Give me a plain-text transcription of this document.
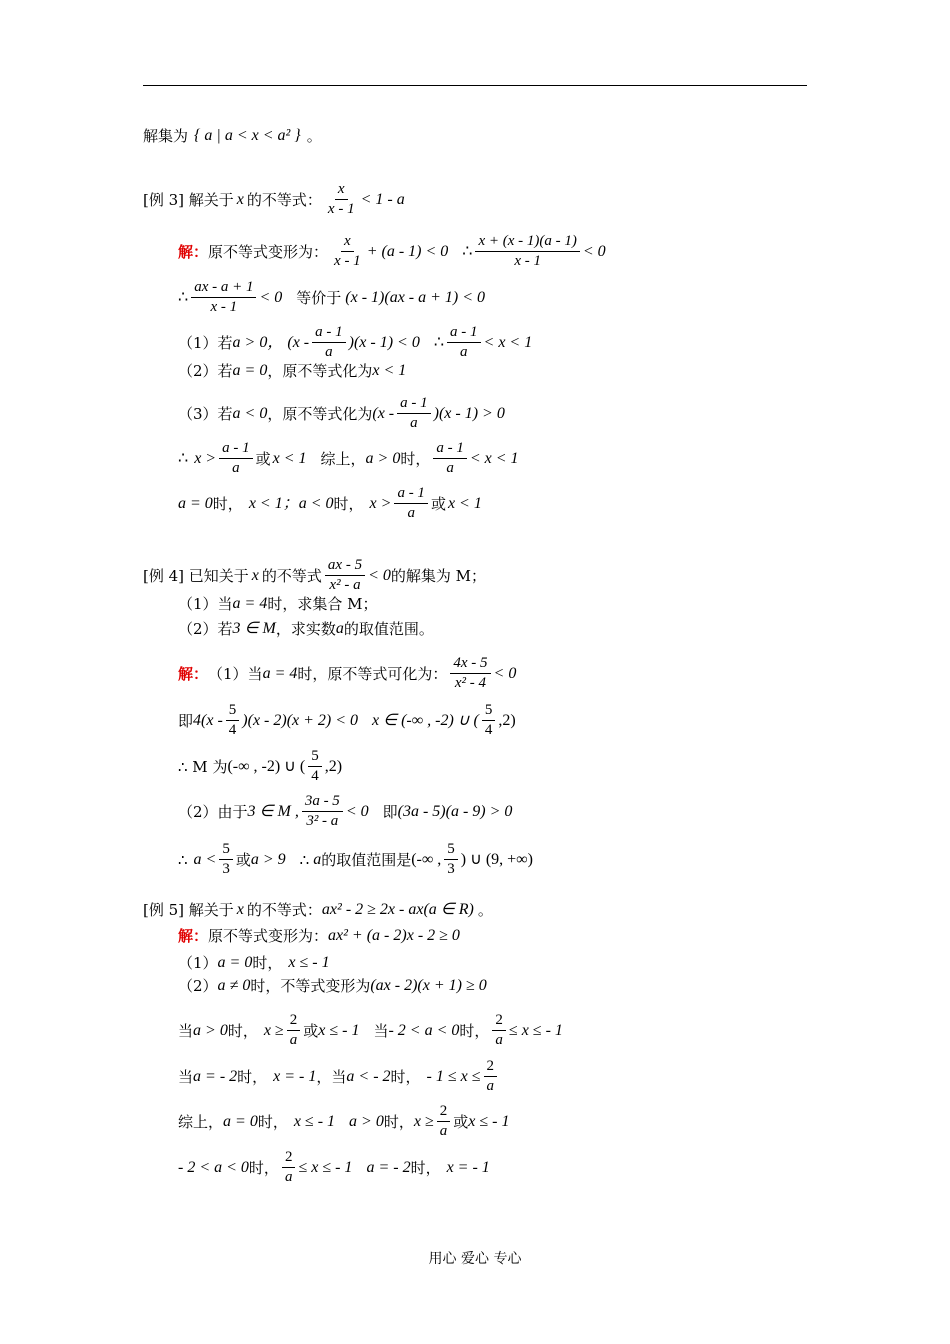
解集为 { a | a < x < a² } 。
[例 3] 解关于 x 的不等式： $\frac{x}{x - 1} < 1 - a$
解： 原不等式变形为： $\frac{x}{x - 1} + (a - 1) < 0$ ∴ $\frac{x + (x - 1)(a - 1)}{x - 1} < 0$
∴ $\frac{ax - a + 1}{x - 1} < 0$ 等价于 (x - 1)(ax - a + 1) < 0
（1）若 a > 0， $(x - \frac{a - 1}{a} )(x - 1) < 0$ ∴ $\frac{a - 1}{a} < x < 1$
（2）若 a = 0 ，原不等式化为 x < 1
（3）若 a < 0 ，原不等式化为 $(x - \frac{a - 1}{a} )(x - 1) > 0$
∴ $x > \frac{a - 1}{a}$ 或 x < 1 综上， a > 0 时， $\frac{a - 1}{a} < x < 1$
a = 0 时， x < 1； a < 0 时， $x > \frac{a - 1}{a}$ 或 x < 1
[例 4] 已知关于 x 的不等式 $\frac{ax - 5}{\text{x² - a}} < 0$ 的解集为 M；
（1）当 a = 4 时，求集合 M；
（2）若 3 ∈ M ，求实数 a 的取值范围。
解： （1）当 a = 4 时，原不等式可化为： $\frac{4x - 5}{\text{x² - 4}} < 0$
即 $4(x - \frac{5}{4} )(x - 2)(x + 2) < 0$ x ∈ (-∞ , -2) ∪ ( $\frac{5}{4} ,2$)
∴ M 为 (-∞ , -2) ∪ ( $\frac{5}{4} ,2$)
（2）由于 3 ∈ M , $\frac{3a - 5}{\text{3² - a}} < 0$ 即 (3a - 5)(a - 9) > 0
∴ $a < \frac{5}{3}$ 或 a > 9 ∴ a 的取值范围是 (-∞ , $\frac{5}{3}$ ) ∪ (9, +∞)
[例 5] 解关于 x 的不等式： ax² - 2 ≥ 2x - ax(a ∈ R) 。
解： 原不等式变形为： ax² + (a - 2)x - 2 ≥ 0
（1） a = 0 时， x ≤ - 1
（2） a ≠ 0 时，不等式变形为 (ax - 2)(x + 1) ≥ 0
当 a > 0 时， $x \ge \frac{2}{a}$ 或 x ≤ - 1 当 - 2 < a < 0 时， $\frac{2}{a} \le x$ ≤ - 1
当 a = - 2 时， x = - 1 ，当 a < - 2 时， - $1 \le x \le \frac{2}{a}$
综上， a = 0 时， x ≤ - 1 a > 0 时， $x \ge \frac{2}{a}$ 或 x ≤ - 1
- 2 < a < 0 时， $\frac{2}{a} \le x$ ≤ - 1 a = - 2 时， x = - 1
用心 爱心 专心
